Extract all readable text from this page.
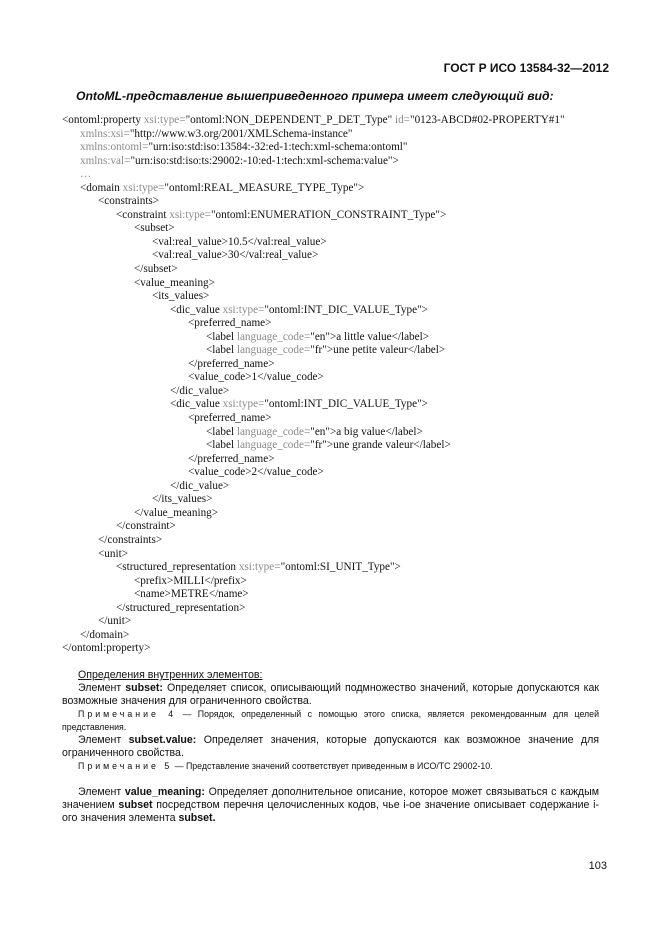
ГОСТ Р ИСО 13584-32—2012
OntoML-представление вышеприведенного примера имеет следующий вид:
<ontoml:property xsi:type="ontoml:NON_DEPENDENT_P_DET_Type" id="0123-ABCD#02-PROPERTY#1"
xmlns:xsi="http://www.w3.org/2001/XMLSchema-instance"
xmlns:ontoml="urn:iso:std:iso:13584:-32:ed-1:tech:xml-schema:ontoml"
xmlns:val="urn:iso:std:iso:ts:29002:-10:ed-1:tech:xml-schema:value">
…
<domain xsi:type="ontoml:REAL_MEASURE_TYPE_Type">
<constraints>
<constraint xsi:type="ontoml:ENUMERATION_CONSTRAINT_Type">
<subset>
<val:real_value>10.5</val:real_value>
<val:real_value>30</val:real_value>
</subset>
<value_meaning>
<its_values>
<dic_value xsi:type="ontoml:INT_DIC_VALUE_Type">
<preferred_name>
<label language_code="en">a little value</label>
<label language_code="fr">une petite valeur</label>
</preferred_name>
<value_code>1</value_code>
</dic_value>
<dic_value xsi:type="ontoml:INT_DIC_VALUE_Type">
<preferred_name>
<label language_code="en">a big value</label>
<label language_code="fr">une grande valeur</label>
</preferred_name>
<value_code>2</value_code>
</dic_value>
</its_values>
</value_meaning>
</constraint>
</constraints>
<unit>
<structured_representation xsi:type="ontoml:SI_UNIT_Type">
<prefix>MILLI</prefix>
<name>METRE</name>
</structured_representation>
</unit>
</domain>
</ontoml:property>

Определения внутренних элементов:

Элемент subset: Определяет список, описывающий подмножество значений, которые допускаются как возможные значения для ограниченного свойства.

Примечание 4 — Порядок, определенный с помощью этого списка, является рекомендованным для целей представления.

Элемент subset.value: Определяет значения, которые допускаются как возможное значение для ограниченного свойства.

Примечание 5 — Представление значений соответствует приведенным в ИСО/ТС 29002-10.

Элемент value_meaning: Определяет дополнительное описание, которое может связываться с каждым значением subset посредством перечня целочисленных кодов, чье i-ое значение описывает содержание i-ого значения элемента subset.

103
